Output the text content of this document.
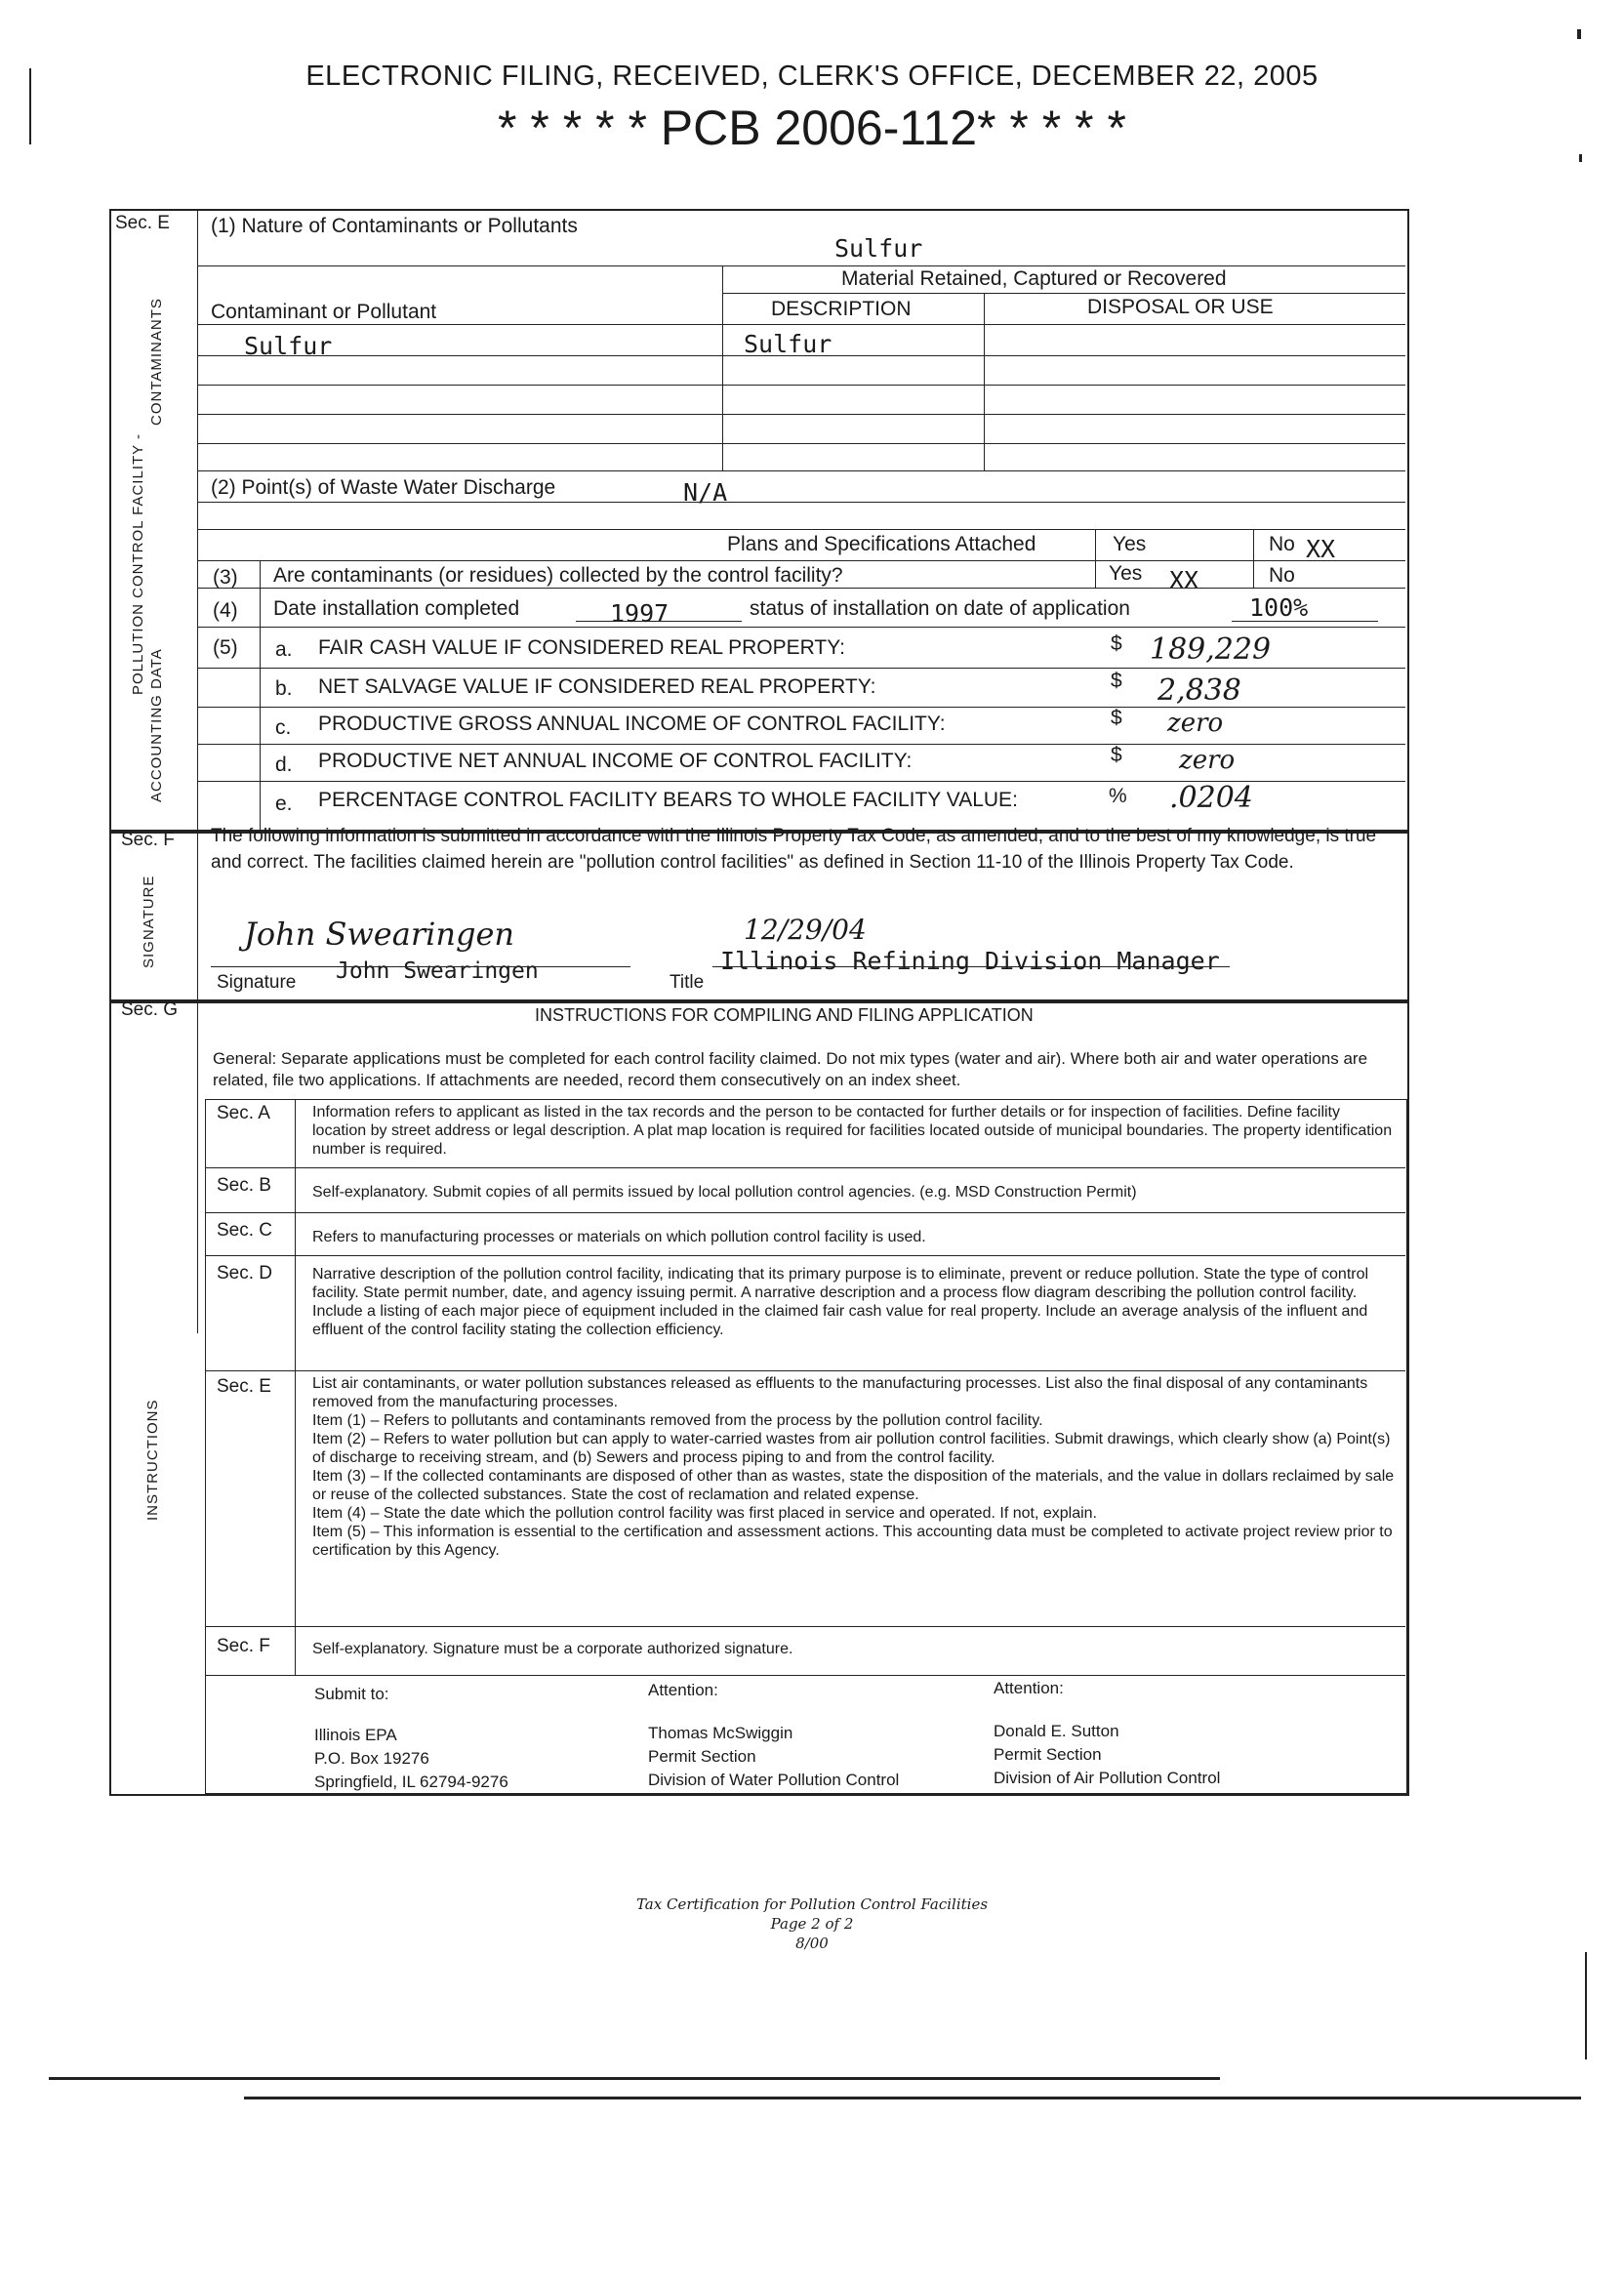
ELECTRONIC FILING, RECEIVED, CLERK'S OFFICE, DECEMBER 22, 2005
* * * * * PCB 2006-112* * * * *
Sec. E
POLLUTION CONTROL FACILITY -
CONTAMINANTS
ACCOUNTING DATA
(1) Nature of Contaminants or Pollutants
Sulfur
Material Retained, Captured or Recovered
Contaminant or Pollutant	DESCRIPTION	DISPOSAL OR USE
Sulfur	Sulfur
(2) Point(s) of Waste Water Discharge	N/A
Plans and Specifications Attached	Yes	No XX
(3) Are contaminants (or residues) collected by the control facility?	Yes XX	No
(4) Date installation completed	1997	status of installation on date of application	100%
(5) a. FAIR CASH VALUE IF CONSIDERED REAL PROPERTY:	$ 189,229
b. NET SALVAGE VALUE IF CONSIDERED REAL PROPERTY:	$ 2,838
c. PRODUCTIVE GROSS ANNUAL INCOME OF CONTROL FACILITY:	$ zero
d. PRODUCTIVE NET ANNUAL INCOME OF CONTROL FACILITY:	$ zero
e. PERCENTAGE CONTROL FACILITY BEARS TO WHOLE FACILITY VALUE:	% .0204
Sec. F
SIGNATURE
The following information is submitted in accordance with the Illinois Property Tax Code, as amended, and to the best of my knowledge, is true and correct. The facilities claimed herein are "pollution control facilities" as defined in Section 11-10 of the Illinois Property Tax Code.
John Swearingen
Signature John Swearingen
12/29/04
Title
Illinois Refining Division Manager
Sec. G
INSTRUCTIONS
INSTRUCTIONS FOR COMPILING AND FILING APPLICATION
General: Separate applications must be completed for each control facility claimed. Do not mix types (water and air). Where both air and water operations are related, file two applications. If attachments are needed, record them consecutively on an index sheet.
Sec. A	Information refers to applicant as listed in the tax records and the person to be contacted for further details or for inspection of facilities. Define facility location by street address or legal description. A plat map location is required for facilities located outside of municipal boundaries. The property identification number is required.
Sec. B	Self-explanatory. Submit copies of all permits issued by local pollution control agencies. (e.g. MSD Construction Permit)
Sec. C	Refers to manufacturing processes or materials on which pollution control facility is used.
Sec. D	Narrative description of the pollution control facility, indicating that its primary purpose is to eliminate, prevent or reduce pollution. State the type of control facility. State permit number, date, and agency issuing permit. A narrative description and a process flow diagram describing the pollution control facility. Include a listing of each major piece of equipment included in the claimed fair cash value for real property. Include an average analysis of the influent and effluent of the control facility stating the collection efficiency.
Sec. E	List air contaminants, or water pollution substances released as effluents to the manufacturing processes. List also the final disposal of any contaminants removed from the manufacturing processes.

Item (1) – Refers to pollutants and contaminants removed from the process by the pollution control facility.

Item (2) – Refers to water pollution but can apply to water-carried wastes from air pollution control facilities. Submit drawings, which clearly show (a) Point(s) of discharge to receiving stream, and (b) Sewers and process piping to and from the control facility.

Item (3) – If the collected contaminants are disposed of other than as wastes, state the disposition of the materials, and the value in dollars reclaimed by sale or reuse of the collected substances. State the cost of reclamation and related expense.

Item (4) – State the date which the pollution control facility was first placed in service and operated. If not, explain.

Item (5) – This information is essential to the certification and assessment actions. This accounting data must be completed to activate project review prior to certification by this Agency.

Sec. F	Self-explanatory. Signature must be a corporate authorized signature.
Submit to:
Illinois EPA
P.O. Box 19276
Springfield, IL 62794-9276
Attention:
Thomas McSwiggin
Permit Section
Division of Water Pollution Control
Attention:
Donald E. Sutton
Permit Section
Division of Air Pollution Control
Tax Certification for Pollution Control Facilities
Page 2 of 2
8/00
